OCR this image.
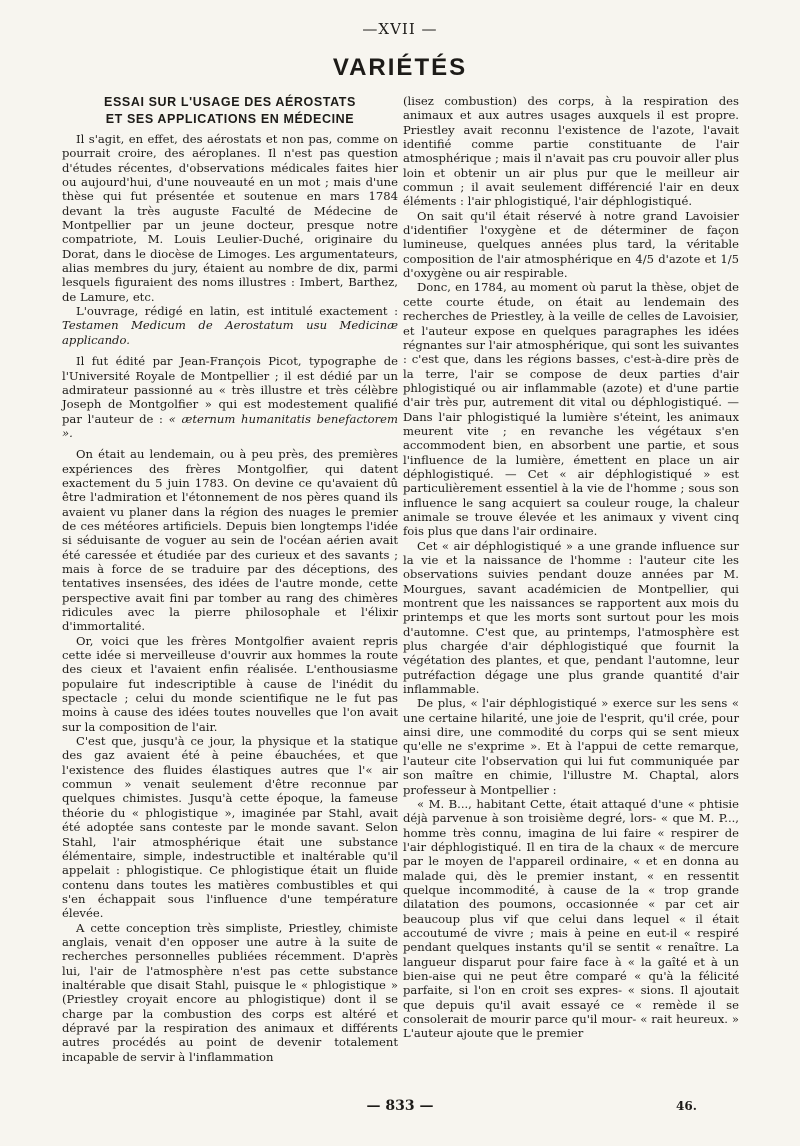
—XVII —
VARIÉTÉS
ESSAI SUR L'USAGE DES AÉROSTATS
ET SES APPLICATIONS EN MÉDECINE

Il s'agit, en effet, des aérostats et non pas, comme on pourrait croire, des aéroplanes. Il n'est pas question d'études récentes, d'observations médicales faites hier ou aujourd'hui, d'une nouveauté en un mot ; mais d'une thèse qui fut présentée et soutenue en mars 1784 devant la très auguste Faculté de Médecine de Montpellier par un jeune docteur, presque notre compatriote, M. Louis Leulier-Duché, originaire du Dorat, dans le diocèse de Limoges. Les argumentateurs, alias membres du jury, étaient au nombre de dix, parmi lesquels figuraient des noms illustres : Imbert, Barthez, de Lamure, etc.

L'ouvrage, rédigé en latin, est intitulé exactement : Testamen Medicum de Aerostatum usu Medicinæ applicando.

Il fut édité par Jean-François Picot, typographe de l'Université Royale de Montpellier ; il est dédié par un admirateur passionné au « très illustre et très célèbre Joseph de Montgolfier » qui est modestement qualifié par l'auteur de : « æternum humanitatis benefactorem ».

On était au lendemain, ou à peu près, des premières expériences des frères Montgolfier, qui datent exactement du 5 juin 1783. On devine ce qu'avaient dû être l'admiration et l'étonnement de nos pères quand ils avaient vu planer dans la région des nuages le premier de ces météores artificiels. Depuis bien longtemps l'idée si séduisante de voguer au sein de l'océan aérien avait été caressée et étudiée par des curieux et des savants ; mais à force de se traduire par des déceptions, des tentatives insensées, des idées de l'autre monde, cette perspective avait fini par tomber au rang des chimères ridicules avec la pierre philosophale et l'élixir d'immortalité.

Or, voici que les frères Montgolfier avaient repris cette idée si merveilleuse d'ouvrir aux hommes la route des cieux et l'avaient enfin réalisée. L'enthousiasme populaire fut indescriptible à cause de l'inédit du spectacle ; celui du monde scientifique ne le fut pas moins à cause des idées toutes nouvelles que l'on avait sur la composition de l'air.

C'est que, jusqu'à ce jour, la physique et la statique des gaz avaient été à peine ébauchées, et que l'existence des fluides élastiques autres que l'« air commun » venait seulement d'être reconnue par quelques chimistes. Jusqu'à cette époque, la fameuse théorie du « phlogistique », imaginée par Stahl, avait été adoptée sans conteste par le monde savant. Selon Stahl, l'air atmosphérique était une substance élémentaire, simple, indestructible et inaltérable qu'il appelait : phlogistique. Ce phlogistique était un fluide contenu dans toutes les matières combustibles et qui s'en échappait sous l'influence d'une température élevée.

A cette conception très simpliste, Priestley, chimiste anglais, venait d'en opposer une autre à la suite de recherches personnelles publiées récemment. D'après lui, l'air de l'atmosphère n'est pas cette substance inaltérable que disait Stahl, puisque le « phlogistique » (Priestley croyait encore au phlogistique) dont il se charge par la combustion des corps est altéré et dépravé par la respiration des animaux et différents autres procédés au point de devenir totalement incapable de servir à l'inflammation

(lisez combustion) des corps, à la respiration des animaux et aux autres usages auxquels il est propre. Priestley avait reconnu l'existence de l'azote, l'avait identifié comme partie constituante de l'air atmosphérique ; mais il n'avait pas cru pouvoir aller plus loin et obtenir un air plus pur que le meilleur air commun ; il avait seulement différencié l'air en deux éléments : l'air phlogistiqué, l'air déphlogistiqué.

On sait qu'il était réservé à notre grand Lavoisier d'identifier l'oxygène et de déterminer de façon lumineuse, quelques années plus tard, la véritable composition de l'air atmosphérique en 4/5 d'azote et 1/5 d'oxygène ou air respirable.

Donc, en 1784, au moment où parut la thèse, objet de cette courte étude, on était au lendemain des recherches de Priestley, à la veille de celles de Lavoisier, et l'auteur expose en quelques paragraphes les idées régnantes sur l'air atmosphérique, qui sont les suivantes : c'est que, dans les régions basses, c'est-à-dire près de la terre, l'air se compose de deux parties d'air phlogistiqué ou air inflammable (azote) et d'une partie d'air très pur, autrement dit vital ou déphlogistiqué. — Dans l'air phlogistiqué la lumière s'éteint, les animaux meurent vite ; en revanche les végétaux s'en accommodent bien, en absorbent une partie, et sous l'influence de la lumière, émettent en place un air déphlogistiqué. — Cet « air déphlogistiqué » est particulièrement essentiel à la vie de l'homme ; sous son influence le sang acquiert sa couleur rouge, la chaleur animale se trouve élevée et les animaux y vivent cinq fois plus que dans l'air ordinaire.

Cet « air déphlogistiqué » a une grande influence sur la vie et la naissance de l'homme : l'auteur cite les observations suivies pendant douze années par M. Mourgues, savant académicien de Montpellier, qui montrent que les naissances se rapportent aux mois du printemps et que les morts sont surtout pour les mois d'automne. C'est que, au printemps, l'atmosphère est plus chargée d'air déphlogistiqué que fournit la végétation des plantes, et que, pendant l'automne, leur putréfaction dégage une plus grande quantité d'air inflammable.

De plus, « l'air déphlogistiqué » exerce sur les sens « une certaine hilarité, une joie de l'esprit, qu'il crée, pour ainsi dire, une commodité du corps qui se sent mieux qu'elle ne s'exprime ». Et à l'appui de cette remarque, l'auteur cite l'observation qui lui fut communiquée par son maître en chimie, l'illustre M. Chaptal, alors professeur à Montpellier :

« M. B..., habitant Cette, était attaqué d'une « phtisie déjà parvenue à son troisième degré, lors- « que M. P..., homme très connu, imagina de lui faire « respirer de l'air déphlogistiqué. Il en tira de la chaux « de mercure par le moyen de l'appareil ordinaire, « et en donna au malade qui, dès le premier instant, « en ressentit quelque incommodité, à cause de la « trop grande dilatation des poumons, occasionnée « par cet air beaucoup plus vif que celui dans lequel « il était accoutumé de vivre ; mais à peine en eut-il « respiré pendant quelques instants qu'il se sentit « renaître. La langueur disparut pour faire face à « la gaîté et à un bien-aise qui ne peut être comparé « qu'à la félicité parfaite, si l'on en croit ses expres- « sions. Il ajoutait que depuis qu'il avait essayé ce « remède il se consolerait de mourir parce qu'il mour- « rait heureux. » L'auteur ajoute que le premier

— 833 —	46.
